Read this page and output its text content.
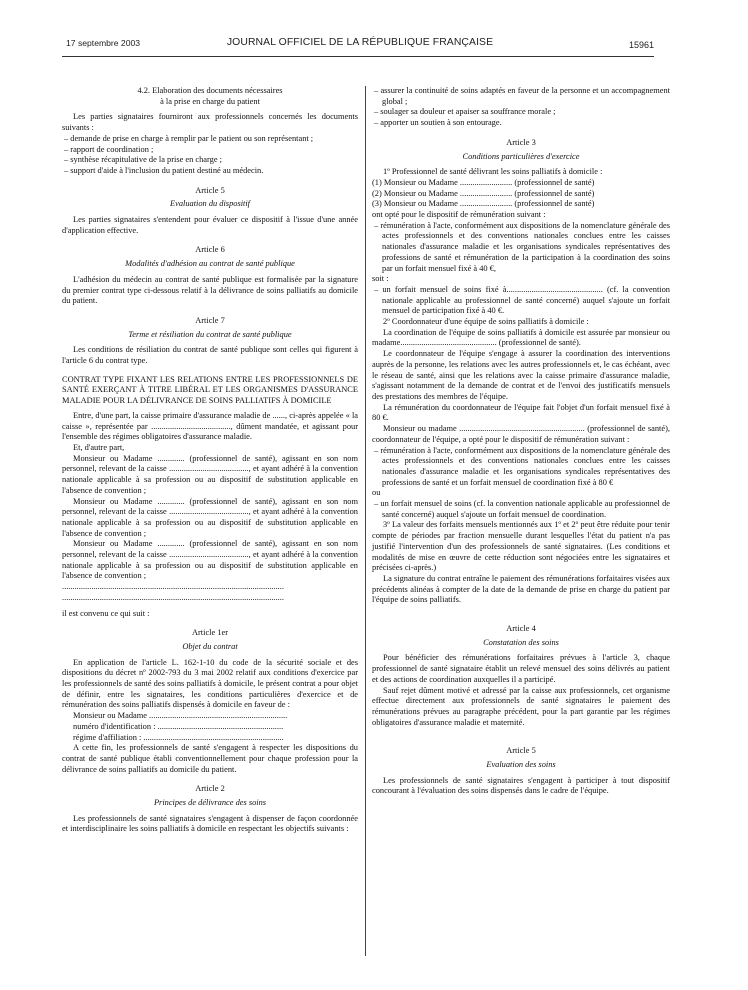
17 septembre 2003	JOURNAL OFFICIEL DE LA RÉPUBLIQUE FRANÇAISE	15961

4.2. Elaboration des documents nécessaires

à la prise en charge du patient

Les parties signataires fourniront aux professionnels concernés les documents suivants :

– demande de prise en charge à remplir par le patient ou son représentant ;

– rapport de coordination ;

– synthèse récapitulative de la prise en charge ;

– support d'aide à l'inclusion du patient destiné au médecin.

Article 5

Evaluation du dispositif

Les parties signataires s'entendent pour évaluer ce dispositif à l'issue d'une année d'application effective.

Article 6

Modalités d'adhésion au contrat de santé publique

L'adhésion du médecin au contrat de santé publique est formalisée par la signature du premier contrat type ci-dessous relatif à la délivrance de soins palliatifs au domicile du patient.

Article 7

Terme et résiliation du contrat de santé publique

Les conditions de résiliation du contrat de santé publique sont celles qui figurent à l'article 6 du contrat type.

CONTRAT TYPE FIXANT LES RELATIONS ENTRE LES PROFESSIONNELS DE SANTÉ EXERÇANT À TITRE LIBÉRAL ET LES ORGANISMES D'ASSURANCE MALADIE POUR LA DÉLIVRANCE DE SOINS PALLIATIFS À DOMICILE

Entre, d'une part, la caisse primaire d'assurance maladie de ......, ci-après appelée « la caisse », représentée par ......................................, dûment mandatée, et agissant pour l'ensemble des régimes obligatoires d'assurance maladie.

Et, d'autre part,

Monsieur ou Madame ............. (professionnel de santé), agissant en son nom personnel, relevant de la caisse ......................................, et ayant adhéré à la convention nationale applicable à sa profession ou au dispositif de substitution applicable en l'absence de convention ;

Monsieur ou Madame ............. (professionnel de santé), agissant en son nom personnel, relevant de la caisse ......................................, et ayant adhéré à la convention nationale applicable à sa profession ou au dispositif de substitution applicable en l'absence de convention ;

Monsieur ou Madame ............. (professionnel de santé), agissant en son nom personnel, relevant de la caisse ......................................, et ayant adhéré à la convention nationale applicable à sa profession ou au dispositif de substitution applicable en l'absence de convention ;

..........................................................................................................

..........................................................................................................

il est convenu ce qui suit :

Article 1er

Objet du contrat

En application de l'article L. 162-1-10 du code de la sécurité sociale et des dispositions du décret nº 2002-793 du 3 mai 2002 relatif aux conditions d'exercice par les professionnels de santé des soins palliatifs à domicile, le présent contrat a pour objet de définir, entre les signataires, les conditions particulières d'exercice et de rémunération des soins palliatifs dispensés à domicile en faveur de :

Monsieur ou Madame ..................................................................

numéro d'identification : ............................................................

régime d'affiliation : ...................................................................

A cette fin, les professionnels de santé s'engagent à respecter les dispositions du contrat de santé publique établi conventionnellement pour chaque profession pour la délivrance de soins palliatifs au domicile du patient.

Article 2

Principes de délivrance des soins

Les professionnels de santé signataires s'engagent à dispenser de façon coordonnée et interdisciplinaire les soins palliatifs à domicile en respectant les objectifs suivants :

– assurer la continuité de soins adaptés en faveur de la personne et un accompagnement global ;

– soulager sa douleur et apaiser sa souffrance morale ;

– apporter un soutien à son entourage.

Article 3

Conditions particulières d'exercice

1º Professionnel de santé délivrant les soins palliatifs à domicile :

(1) Monsieur ou Madame ......................... (professionnel de santé)

(2) Monsieur ou Madame ......................... (professionnel de santé)

(3) Monsieur ou Madame ......................... (professionnel de santé)

ont opté pour le dispositif de rémunération suivant :

– rémunération à l'acte, conformément aux dispositions de la nomenclature générale des actes professionnels et des conventions nationales conclues entre les caisses nationales d'assurance maladie et les organisations syndicales représentatives des professions de santé et rémunération de la participation à la coordination des soins par un forfait mensuel fixé à 40 €,

soit :

– un forfait mensuel de soins fixé à.............................................. (cf. la convention nationale applicable au professionnel de santé concerné) auquel s'ajoute un forfait mensuel de participation fixé à 40 €.

2º Coordonnateur d'une équipe de soins palliatifs à domicile :

La coordination de l'équipe de soins palliatifs à domicile est assurée par monsieur ou madame.............................................. (professionnel de santé).

Le coordonnateur de l'équipe s'engage à assurer la coordination des interventions auprès de la personne, les relations avec les autres professionnels et, le cas échéant, avec le réseau de santé, ainsi que les relations avec la caisse primaire d'assurance maladie, s'agissant notamment de la demande de contrat et de l'envoi des justificatifs mensuels des prestations des membres de l'équipe.

La rémunération du coordonnateur de l'équipe fait l'objet d'un forfait mensuel fixé à 80 €.

Monsieur ou madame ............................................................ (professionnel de santé), coordonnateur de l'équipe, a opté pour le dispositif de rémunération suivant :

– rémunération à l'acte, conformément aux dispositions de la nomenclature générale des actes professionnels et des conventions nationales conclues entre les caisses nationales d'assurance maladie et les organisations syndicales représentatives des professions de santé et un forfait mensuel de coordination fixé à 80 €

ou

– un forfait mensuel de soins (cf. la convention nationale applicable au professionnel de santé concerné) auquel s'ajoute un forfait mensuel de coordination.

3º La valeur des forfaits mensuels mentionnés aux 1º et 2º peut être réduite pour tenir compte de périodes par fraction mensuelle durant lesquelles l'état du patient n'a pas justifié l'intervention d'un des professionnels de santé signataires. (Les conditions et modalités de mise en œuvre de cette réduction sont négociées entre les signataires et précisées ci-après.)

La signature du contrat entraîne le paiement des rémunérations forfaitaires visées aux précédents alinéas à compter de la date de la demande de prise en charge du patient par l'équipe de soins palliatifs.

Article 4

Constatation des soins

Pour bénéficier des rémunérations forfaitaires prévues à l'article 3, chaque professionnel de santé signataire établit un relevé mensuel des soins délivrés au patient et des actions de coordination auxquelles il a participé.

Sauf rejet dûment motivé et adressé par la caisse aux professionnels, cet organisme effectue directement aux professionnels de santé signataires le paiement des rémunérations prévues au paragraphe précédent, pour la part garantie par les régimes obligatoires d'assurance maladie et maternité.

Article 5

Evaluation des soins

Les professionnels de santé signataires s'engagent à participer à tout dispositif concourant à l'évaluation des soins dispensés dans le cadre de l'équipe.
